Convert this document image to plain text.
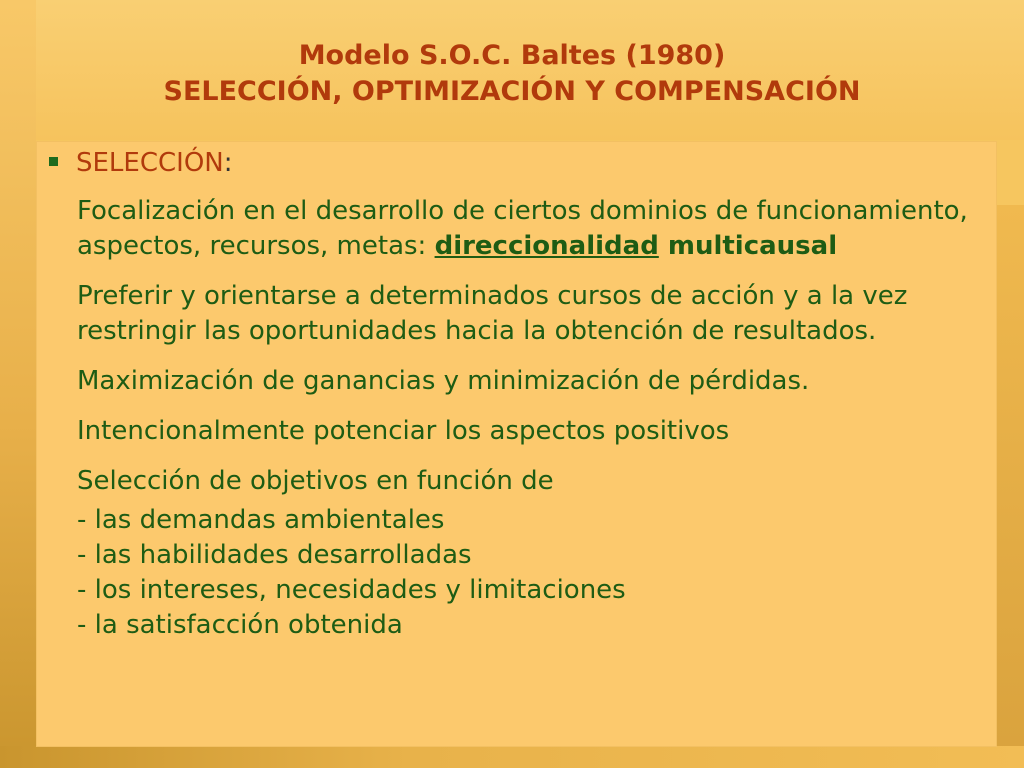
Modelo S.O.C. Baltes (1980)
SELECCIÓN, OPTIMIZACIÓN Y COMPENSACIÓN
SELECCIÓN:

Focalización en el desarrollo de ciertos dominios de funcionamiento, aspectos, recursos, metas: direccionalidad multicausal

Preferir y orientarse a determinados cursos de acción y a la vez restringir las oportunidades hacia la obtención de resultados.

Maximización de ganancias y minimización de pérdidas.

Intencionalmente potenciar los aspectos positivos

Selección de objetivos en función de

- las demandas ambientales
- las habilidades desarrolladas
- los intereses, necesidades y limitaciones
- la satisfacción obtenida
